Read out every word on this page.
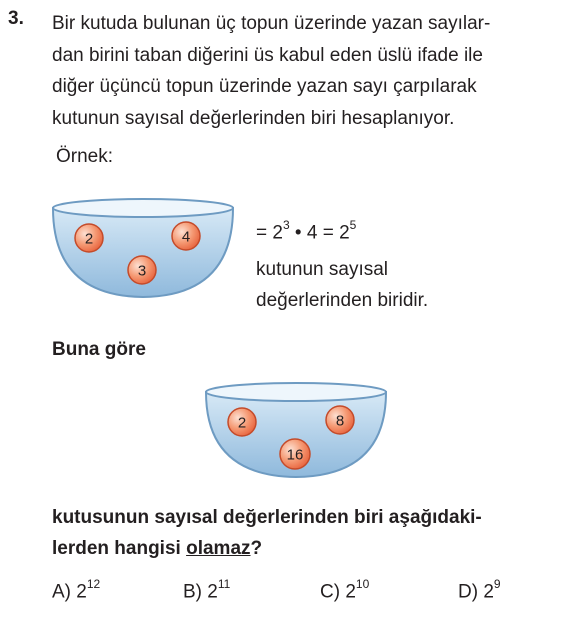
3. Bir kutuda bulunan üç topun üzerinde yazan sayılar-
dan birini taban diğerini üs kabul eden üslü ifade ile
diğer üçüncü topun üzerinde yazan sayı çarpılarak
kutunun sayısal değerlerinden biri hesaplanıyor.
Örnek:
2	4
3
= $2^3$ • $4 = 2^5$
kutunun sayısal
değerlerinden biridir.
Buna göre
2	8
16
kutusunun sayısal değerlerinden biri aşağıdaki-
lerden hangisi olamaz?
A) $2^{12}$	B) $2^{11}$	C) $2^{10}$	D) $2^9$
